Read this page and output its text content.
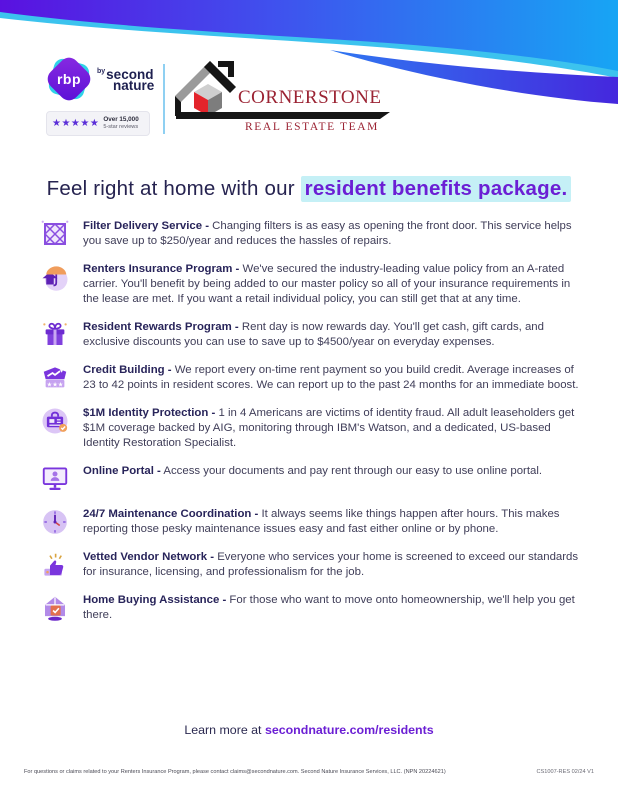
rbp	$^{by}$second
nature
★★★★★ Over 15,000
5-star reviews
CORNERSTONE
REAL ESTATE TEAM
Feel right at home with our resident benefits package.

Filter Delivery Service - Changing filters is as easy as opening the front door. This service helps you save up to $250/year and reduces the hassles of repairs.

Renters Insurance Program - We've secured the industry-leading value policy from an A-rated carrier. You'll benefit by being added to our master policy so all of your insurance requirements in the lease are met. If you want a retail individual policy, you can still get that at any time.

Resident Rewards Program - Rent day is now rewards day. You'll get cash, gift cards, and exclusive discounts you can use to save up to $4500/year on everyday expenses.

★★★

Credit Building - We report every on-time rent payment so you build credit. Average increases of 23 to 42 points in resident scores. We can report up to the past 24 months for an immediate boost.

$1M Identity Protection - 1 in 4 Americans are victims of identity fraud. All adult leaseholders get $1M coverage backed by AIG, monitoring through IBM's Watson, and a dedicated, US-based Identity Restoration Specialist.

Online Portal - Access your documents and pay rent through our easy to use online portal.

24/7 Maintenance Coordination - It always seems like things happen after hours. This makes reporting those pesky maintenance issues easy and fast either online or by phone.

Vetted Vendor Network - Everyone who services your home is screened to exceed our standards for insurance, licensing, and professionalism for the job.

Home Buying Assistance - For those who want to move onto homeownership, we'll help you get there.

Learn more at secondnature.com/residents
For questions or claims related to your Renters Insurance Program, please contact claims@secondnature.com. Second Nature Insurance Services, LLC. (NPN 20224621)	CS1007-RES 02/24 V1
